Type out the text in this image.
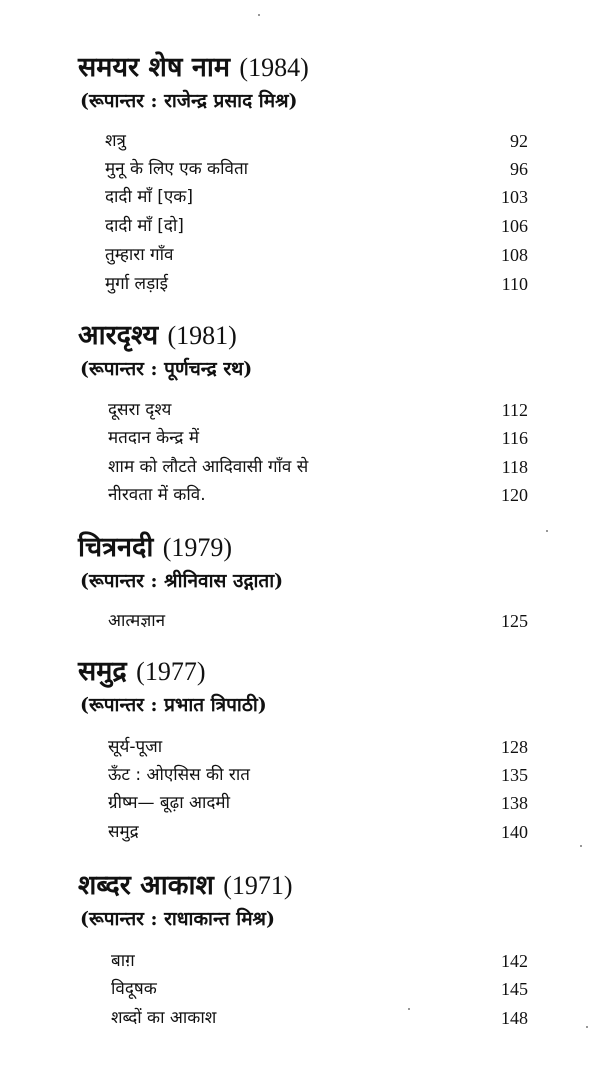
समयर शेष नाम (1984)
(रूपान्तर : राजेन्द्र प्रसाद मिश्र)
शत्रु	92
मुनू के लिए एक कविता	96
दादी माँ [एक]	103
दादी माँ [दो]	106
तुम्हारा गाँव	108
मुर्गा लड़ाई	110
आरदृश्य (1981)
(रूपान्तर : पूर्णचन्द्र रथ)
दूसरा दृश्य	112
मतदान केन्द्र में	116
शाम को लौटते आदिवासी गाँव से	118
नीरवता में कवि.	120
चित्रनदी (1979)
(रूपान्तर : श्रीनिवास उद्गाता)
आत्मज्ञान	125
समुद्र (1977)
(रूपान्तर : प्रभात त्रिपाठी)
सूर्य-पूजा	128
ऊँट : ओएसिस की रात	135
ग्रीष्म— बूढ़ा आदमी	138
समुद्र	140
शब्दर आकाश (1971)
(रूपान्तर : राधाकान्त मिश्र)
बाग़	142
विदूषक	145
शब्दों का आकाश	148
